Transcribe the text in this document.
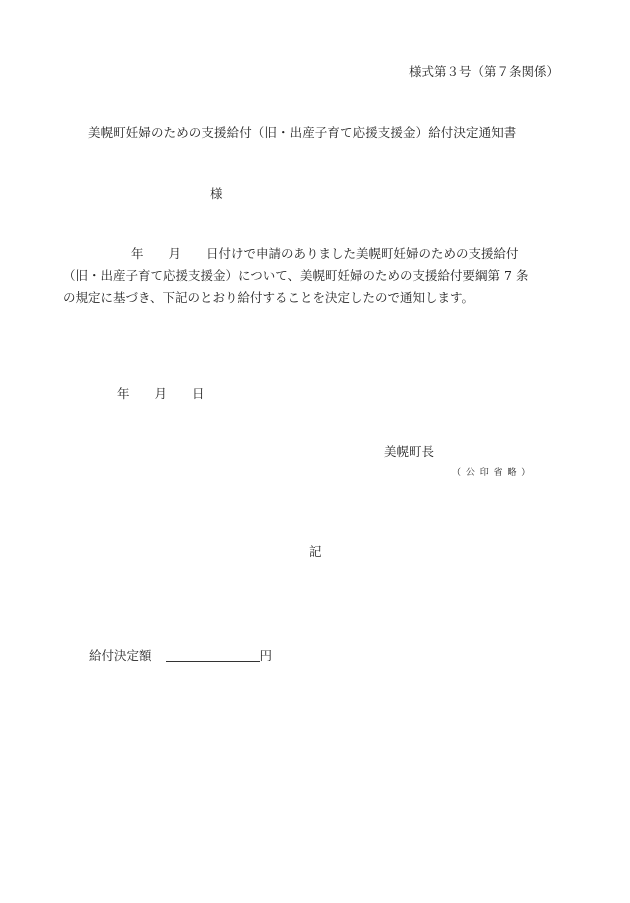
様式第３号（第７条関係）
美幌町妊婦のための支援給付（旧・出産子育て応援支援金）給付決定通知書
様
年　　月　　日付けで申請のありました美幌町妊婦のための支援給付
（旧・出産子育て応援支援金）について、美幌町妊婦のための支援給付要綱第 7 条
の規定に基づき、下記のとおり給付することを決定したので通知します。
年　　月　　日
美幌町長
（ 公 印 省 略 ）
記
給付決定額	円
